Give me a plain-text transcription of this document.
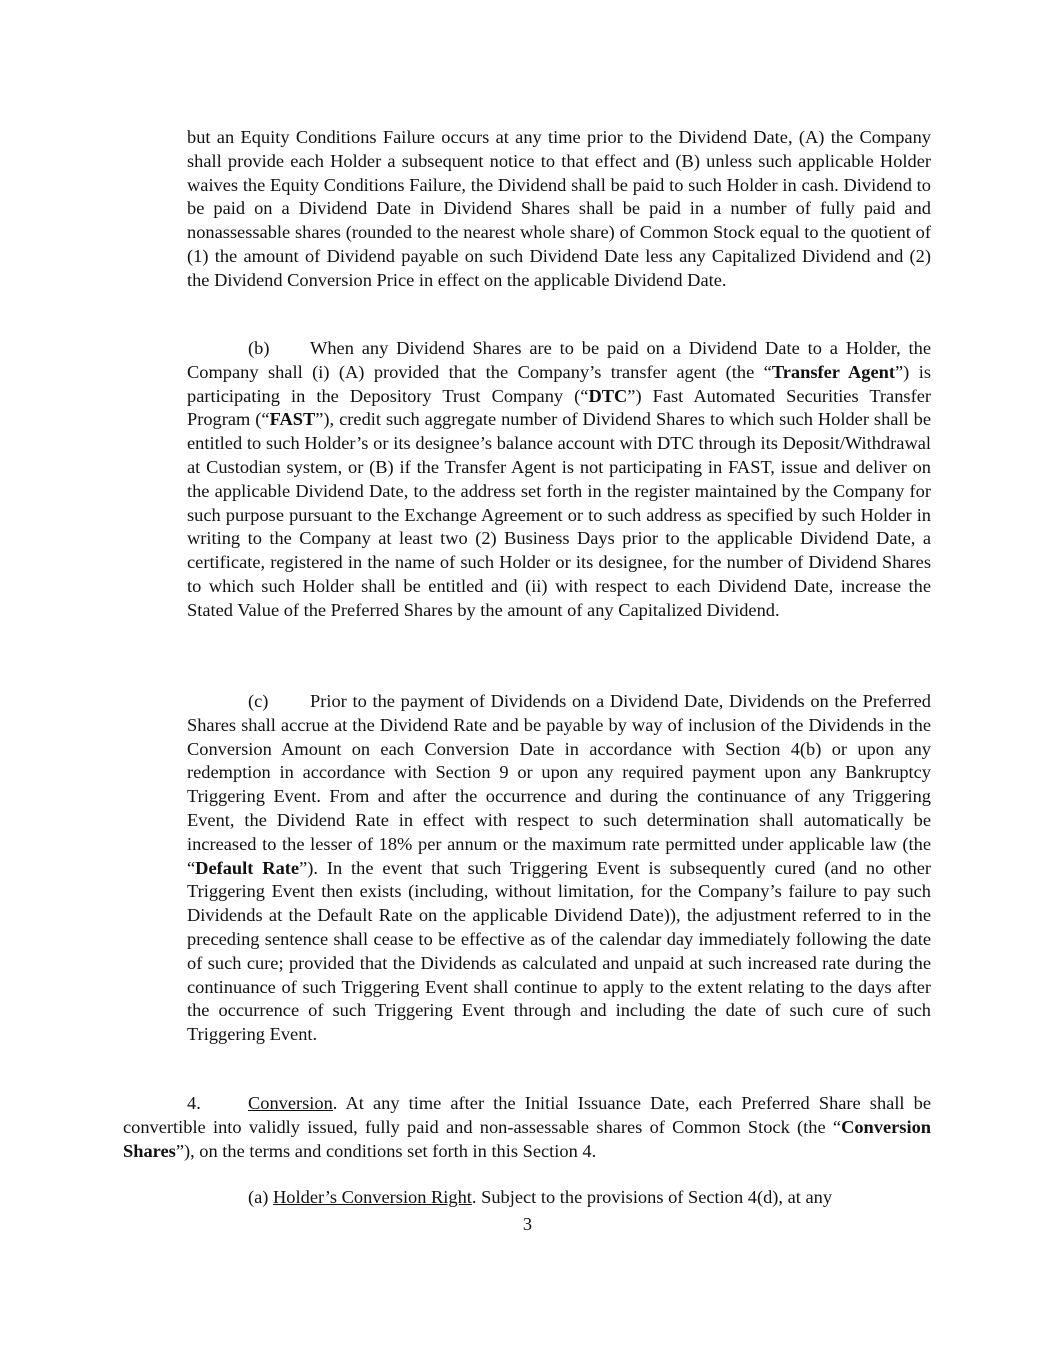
but an Equity Conditions Failure occurs at any time prior to the Dividend Date, (A) the Company shall provide each Holder a subsequent notice to that effect and (B) unless such applicable Holder waives the Equity Conditions Failure, the Dividend shall be paid to such Holder in cash. Dividend to be paid on a Dividend Date in Dividend Shares shall be paid in a number of fully paid and nonassessable shares (rounded to the nearest whole share) of Common Stock equal to the quotient of (1) the amount of Dividend payable on such Dividend Date less any Capitalized Dividend and (2) the Dividend Conversion Price in effect on the applicable Dividend Date.

(b) When any Dividend Shares are to be paid on a Dividend Date to a Holder, the Company shall (i) (A) provided that the Company’s transfer agent (the “Transfer Agent”) is participating in the Depository Trust Company (“DTC”) Fast Automated Securities Transfer Program (“FAST”), credit such aggregate number of Dividend Shares to which such Holder shall be entitled to such Holder’s or its designee’s balance account with DTC through its Deposit/Withdrawal at Custodian system, or (B) if the Transfer Agent is not participating in FAST, issue and deliver on the applicable Dividend Date, to the address set forth in the register maintained by the Company for such purpose pursuant to the Exchange Agreement or to such address as specified by such Holder in writing to the Company at least two (2) Business Days prior to the applicable Dividend Date, a certificate, registered in the name of such Holder or its designee, for the number of Dividend Shares to which such Holder shall be entitled and (ii) with respect to each Dividend Date, increase the Stated Value of the Preferred Shares by the amount of any Capitalized Dividend.

(c) Prior to the payment of Dividends on a Dividend Date, Dividends on the Preferred Shares shall accrue at the Dividend Rate and be payable by way of inclusion of the Dividends in the Conversion Amount on each Conversion Date in accordance with Section 4(b) or upon any redemption in accordance with Section 9 or upon any required payment upon any Bankruptcy Triggering Event. From and after the occurrence and during the continuance of any Triggering Event, the Dividend Rate in effect with respect to such determination shall automatically be increased to the lesser of 18% per annum or the maximum rate permitted under applicable law (the “Default Rate”). In the event that such Triggering Event is subsequently cured (and no other Triggering Event then exists (including, without limitation, for the Company’s failure to pay such Dividends at the Default Rate on the applicable Dividend Date)), the adjustment referred to in the preceding sentence shall cease to be effective as of the calendar day immediately following the date of such cure; provided that the Dividends as calculated and unpaid at such increased rate during the continuance of such Triggering Event shall continue to apply to the extent relating to the days after the occurrence of such Triggering Event through and including the date of such cure of such Triggering Event.

4.	Conversion. At any time after the Initial Issuance Date, each Preferred Share shall be convertible into validly issued, fully paid and non-assessable shares of Common Stock (the “Conversion Shares”), on the terms and conditions set forth in this Section 4.

(a) Holder’s Conversion Right. Subject to the provisions of Section 4(d), at any

3
